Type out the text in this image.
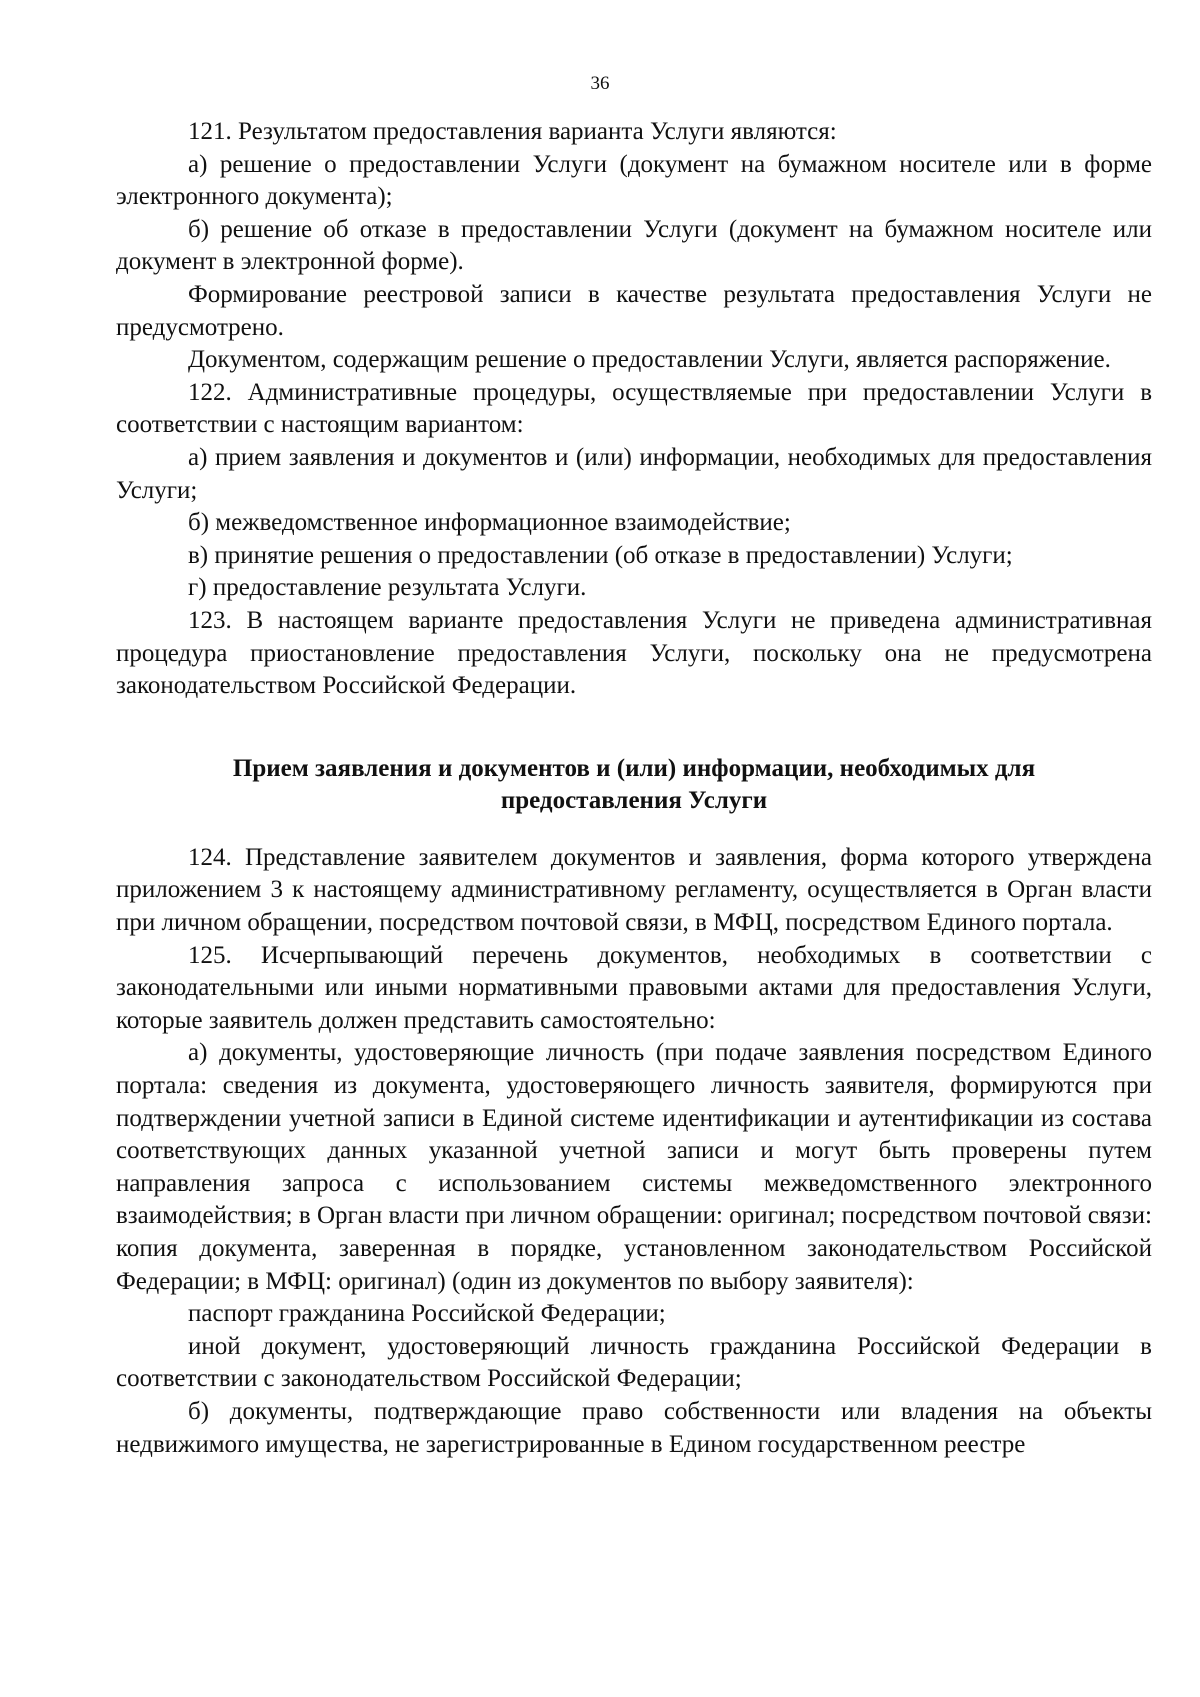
36

121. Результатом предоставления варианта Услуги являются:

а) решение о предоставлении Услуги (документ на бумажном носителе или в форме электронного документа);

б) решение об отказе в предоставлении Услуги (документ на бумажном носителе или документ в электронной форме).

Формирование реестровой записи в качестве результата предоставления Услуги не предусмотрено.

Документом, содержащим решение о предоставлении Услуги, является распоряжение.

122. Административные процедуры, осуществляемые при предоставлении Услуги в соответствии с настоящим вариантом:

а) прием заявления и документов и (или) информации, необходимых для предоставления Услуги;

б) межведомственное информационное взаимодействие;

в) принятие решения о предоставлении (об отказе в предоставлении) Услуги;

г) предоставление результата Услуги.

123. В настоящем варианте предоставления Услуги не приведена административная процедура приостановление предоставления Услуги, поскольку она не предусмотрена законодательством Российской Федерации.

Прием заявления и документов и (или) информации, необходимых для предоставления Услуги

124. Представление заявителем документов и заявления, форма которого утверждена приложением 3 к настоящему административному регламенту, осуществляется в Орган власти при личном обращении, посредством почтовой связи, в МФЦ, посредством Единого портала.

125. Исчерпывающий перечень документов, необходимых в соответствии с законодательными или иными нормативными правовыми актами для предоставления Услуги, которые заявитель должен представить самостоятельно:

а) документы, удостоверяющие личность (при подаче заявления посредством Единого портала: сведения из документа, удостоверяющего личность заявителя, формируются при подтверждении учетной записи в Единой системе идентификации и аутентификации из состава соответствующих данных указанной учетной записи и могут быть проверены путем направления запроса с использованием системы межведомственного электронного взаимодействия; в Орган власти при личном обращении: оригинал; посредством почтовой связи: копия документа, заверенная в порядке, установленном законодательством Российской Федерации; в МФЦ: оригинал) (один из документов по выбору заявителя):

паспорт гражданина Российской Федерации;

иной документ, удостоверяющий личность гражданина Российской Федерации в соответствии с законодательством Российской Федерации;

б) документы, подтверждающие право собственности или владения на объекты недвижимого имущества, не зарегистрированные в Едином государственном реестре
